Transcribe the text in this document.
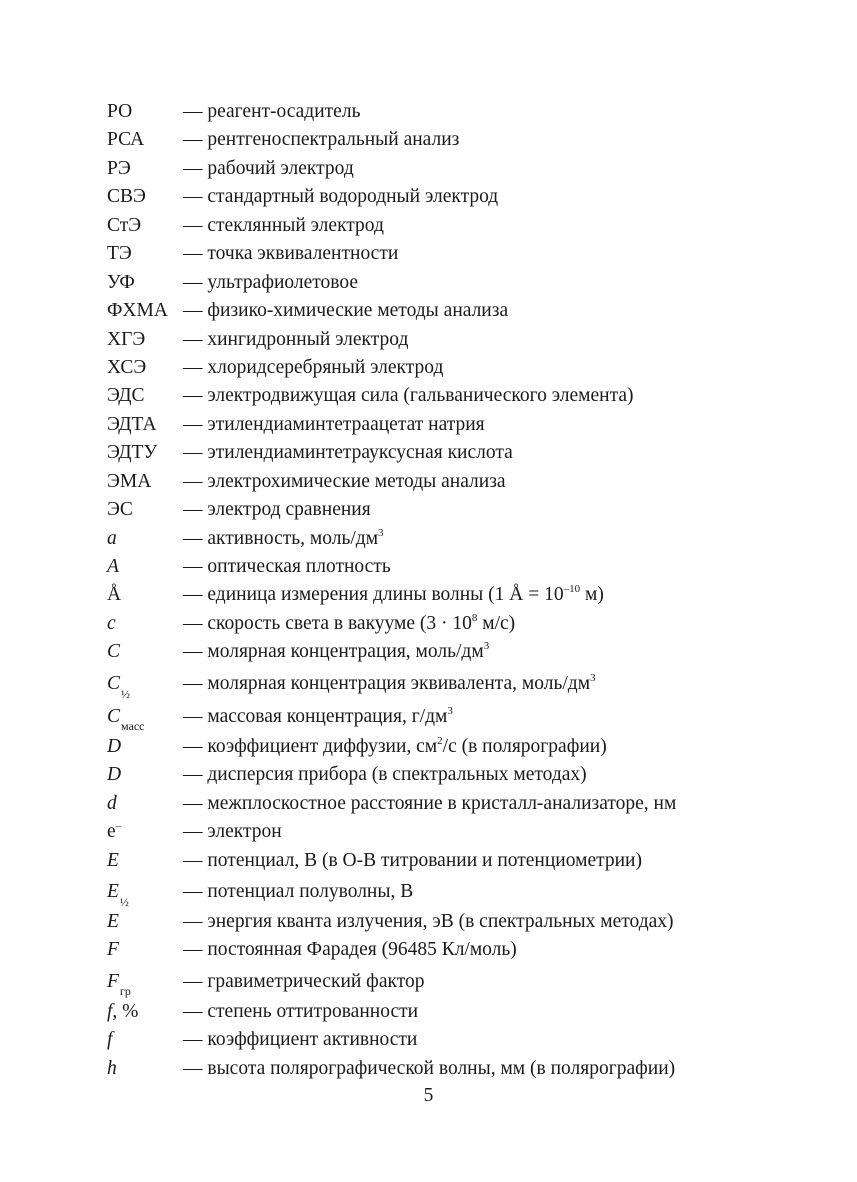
РО	— реагент-осадитель
РСА	— рентгеноспектральный анализ
РЭ	— рабочий электрод
СВЭ	— стандартный водородный электрод
СтЭ	— стеклянный электрод
ТЭ	— точка эквивалентности
УФ	— ультрафиолетовое
ФХМА — физико-химические методы анализа
ХГЭ	— хингидронный электрод
ХСЭ	— хлоридсеребряный электрод
ЭДС	— электродвижущая сила (гальванического элемента)
ЭДТА	— этилендиаминтетраацетат натрия
ЭДТУ	— этилендиаминтетрауксусная кислота
ЭМА	— электрохимические методы анализа
ЭС	— электрод сравнения
a	— активность, моль/$дм^3$
A	— оптическая плотность
Å	— единица измерения длины волны (1 Å = $10^{-10}$ м)
c	— скорость света в вакууме ($3 \cdot 10^8$ м/с)
C	— молярная концентрация, моль/$дм^3$
$C_{\frac{1}{2}}$	— молярная концентрация эквивалента, моль/$дм^3$
$C_{масс}$	— массовая концентрация, $г/дм^3$
D	— коэффициент диффузии, $см^2/с$ (в полярографии)
D	— дисперсия прибора (в спектральных методах)
d	— межплоскостное расстояние в кристалл-анализаторе, нм
e–	— электрон
E	— потенциал, В (в О-В титровании и потенциометрии)
$E_{\frac{1}{2}}$	— потенциал полуволны, В
E	— энергия кванта излучения, эВ (в спектральных методах)
F	— постоянная Фарадея (96485 Кл/моль)
$F_{гр}$	— гравиметрический фактор
f, %	— степень оттитрованности
f	— коэффициент активности
h	— высота полярографической волны, мм (в полярографии)
5
